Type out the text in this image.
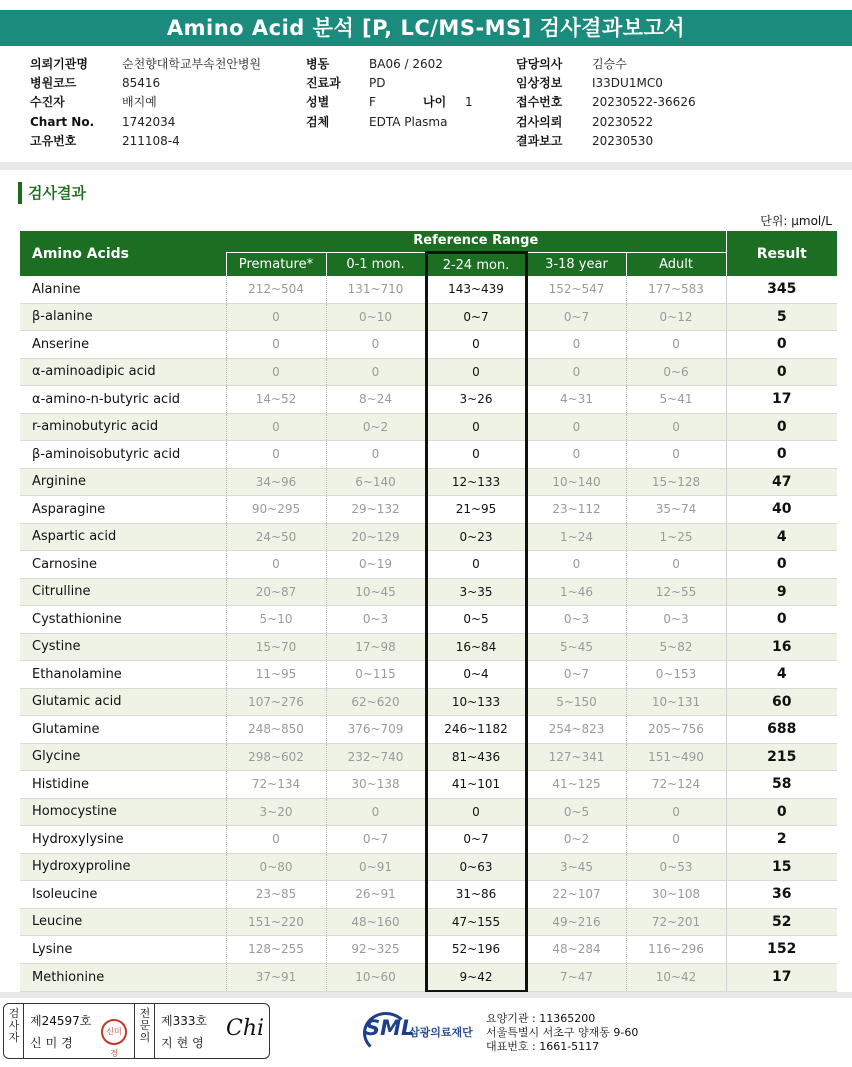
Amino Acid 분석 [P, LC/MS-MS] 검사결과보고서
의뢰기관명	순천향대학교부속천안병원
병원코드	85416
수진자	배지예
Chart No. 1742034
고유번호	211108-4
병동	BA06 / 2602
진료과 PD
성별	F
검체	EDTA Plasma
나이 1
담당의사 김승수
임상정보 I33DU1MC0
접수번호 20230522-36626
검사의뢰 20230522
결과보고 20230530
검사결과
단위: μmol/L
Amino Acids	Reference Range					Result
	Premature*	0-1 mon.	2-24 mon.	3-18 year	Adult	
Alanine	212~504	131~710	143~439	152~547	177~583	345
β-alanine	0	0~10	0~7	0~7	0~12	5
Anserine	0	0	0	0	0	0
α-aminoadipic acid	0	0	0	0	0~6	0
α-amino-n-butyric acid	14~52	8~24	3~26	4~31	5~41	17
r-aminobutyric acid	0	0~2	0	0	0	0
β-aminoisobutyric acid	0	0	0	0	0	0
Arginine	34~96	6~140	12~133	10~140	15~128	47
Asparagine	90~295	29~132	21~95	23~112	35~74	40
Aspartic acid	24~50	20~129	0~23	1~24	1~25	4
Carnosine	0	0~19	0	0	0	0
Citrulline	20~87	10~45	3~35	1~46	12~55	9
Cystathionine	5~10	0~3	0~5	0~3	0~3	0
Cystine	15~70	17~98	16~84	5~45	5~82	16
Ethanolamine	11~95	0~115	0~4	0~7	0~153	4
Glutamic acid	107~276	62~620	10~133	5~150	10~131	60
Glutamine	248~850	376~709	246~1182	254~823	205~756	688
Glycine	298~602	232~740	81~436	127~341	151~490	215
Histidine	72~134	30~138	41~101	41~125	72~124	58
Homocystine	3~20	0	0	0~5	0	0
Hydroxylysine	0	0~7	0~7	0~2	0	2
Hydroxyproline	0~80	0~91	0~63	3~45	0~53	15
Isoleucine	23~85	26~91	31~86	22~107	30~108	36
Leucine	151~220	48~160	47~155	49~216	72~201	52
Lysine	128~255	92~325	52~196	48~284	116~296	152
Methionine	37~91	10~60	9~42	7~47	10~42	17
검
사
자
제24597호
신미경
신미경
전
문
의
제333호
지현영
Chi	SML
삼광의료재단
요양기관 : 11365200
서울특별시 서초구 양재동 9-60
대표번호 : 1661-5117
